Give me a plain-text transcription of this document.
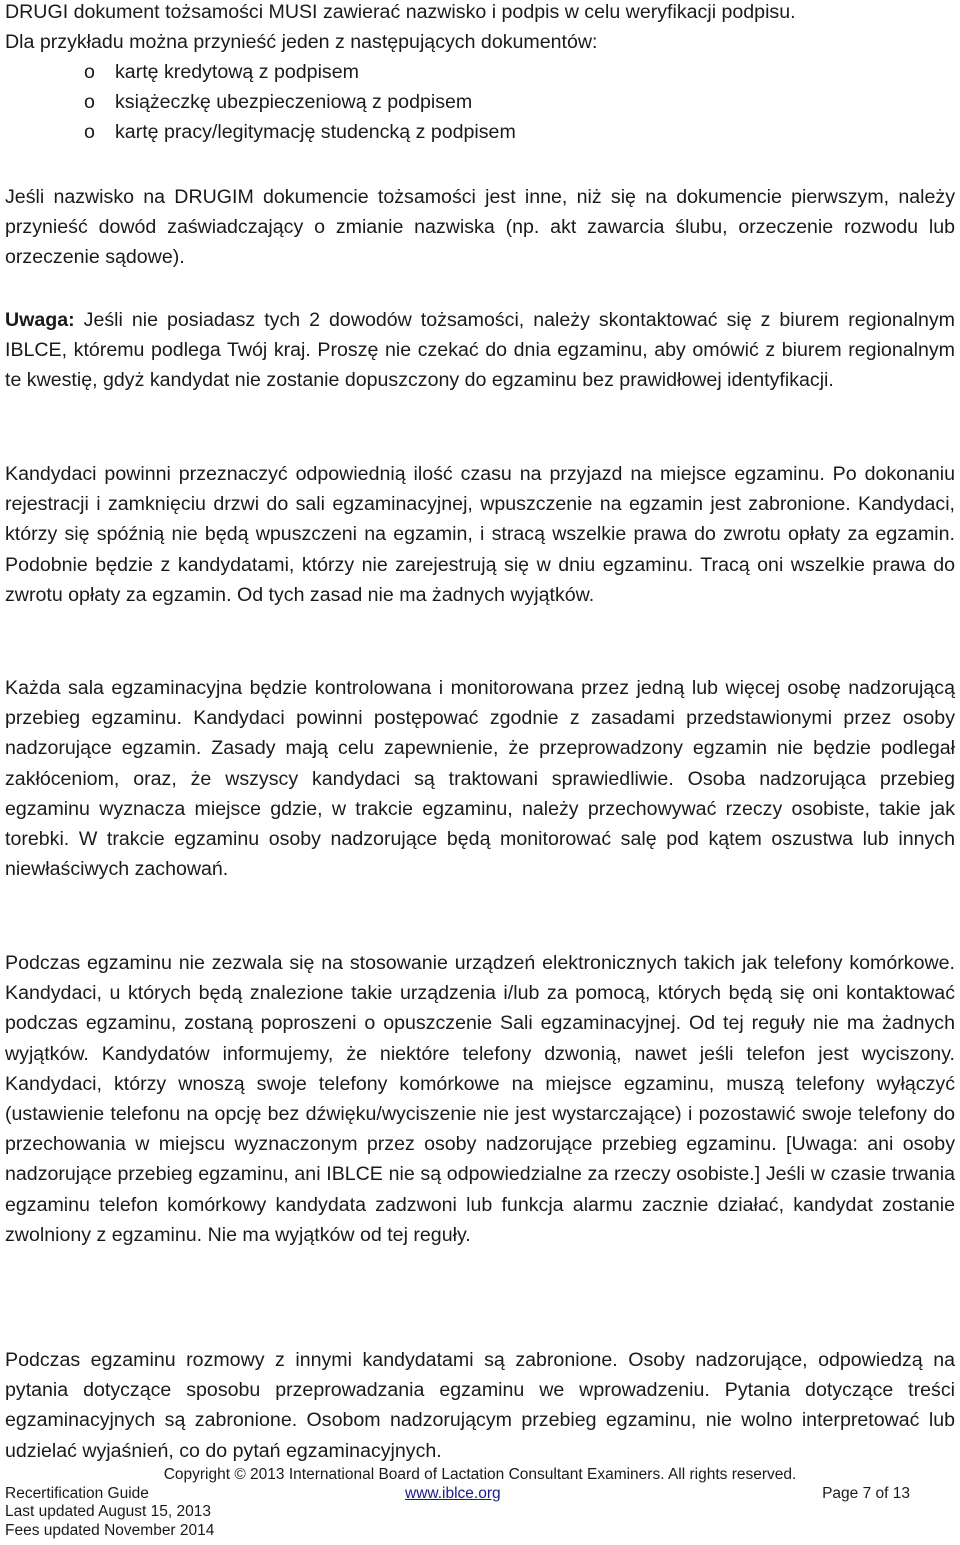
DRUGI dokument tożsamości MUSI zawierać nazwisko i podpis w celu weryfikacji podpisu.
Dla przykładu można przynieść jeden z następujących dokumentów:
o kartę kredytową z podpisem
o książeczkę ubezpieczeniową z podpisem
o kartę pracy/legitymację studencką z podpisem

Jeśli nazwisko na DRUGIM dokumencie tożsamości jest inne, niż się na dokumencie pierwszym, należy przynieść dowód zaświadczający o zmianie nazwiska (np. akt zawarcia ślubu, orzeczenie rozwodu lub orzeczenie sądowe).

Uwaga: Jeśli nie posiadasz tych 2 dowodów tożsamości, należy skontaktować się z biurem regionalnym IBLCE, któremu podlega Twój kraj. Proszę nie czekać do dnia egzaminu, aby omówić z biurem regionalnym te kwestię, gdyż kandydat nie zostanie dopuszczony do egzaminu bez prawidłowej identyfikacji.

Kandydaci powinni przeznaczyć odpowiednią ilość czasu na przyjazd na miejsce egzaminu. Po dokonaniu rejestracji i zamknięciu drzwi do sali egzaminacyjnej, wpuszczenie na egzamin jest zabronione. Kandydaci, którzy się spóźnią nie będą wpuszczeni na egzamin, i stracą wszelkie prawa do zwrotu opłaty za egzamin. Podobnie będzie z kandydatami, którzy nie zarejestrują się w dniu egzaminu. Tracą oni wszelkie prawa do zwrotu opłaty za egzamin. Od tych zasad nie ma żadnych wyjątków.

Każda sala egzaminacyjna będzie kontrolowana i monitorowana przez jedną lub więcej osobę nadzorującą przebieg egzaminu. Kandydaci powinni postępować zgodnie z zasadami przedstawionymi przez osoby nadzorujące egzamin. Zasady mają celu zapewnienie, że przeprowadzony egzamin nie będzie podlegał zakłóceniom, oraz, że wszyscy kandydaci są traktowani sprawiedliwie. Osoba nadzorująca przebieg egzaminu wyznacza miejsce gdzie, w trakcie egzaminu, należy przechowywać rzeczy osobiste, takie jak torebki. W trakcie egzaminu osoby nadzorujące będą monitorować salę pod kątem oszustwa lub innych niewłaściwych zachowań.

Podczas egzaminu nie zezwala się na stosowanie urządzeń elektronicznych takich jak telefony komórkowe. Kandydaci, u których będą znalezione takie urządzenia i/lub za pomocą, których będą się oni kontaktować podczas egzaminu, zostaną poproszeni o opuszczenie Sali egzaminacyjnej. Od tej reguły nie ma żadnych wyjątków. Kandydatów informujemy, że niektóre telefony dzwonią, nawet jeśli telefon jest wyciszony. Kandydaci, którzy wnoszą swoje telefony komórkowe na miejsce egzaminu, muszą telefony wyłączyć (ustawienie telefonu na opcję bez dźwięku/wyciszenie nie jest wystarczające) i pozostawić swoje telefony do przechowania w miejscu wyznaczonym przez osoby nadzorujące przebieg egzaminu. [Uwaga: ani osoby nadzorujące przebieg egzaminu, ani IBLCE nie są odpowiedzialne za rzeczy osobiste.] Jeśli w czasie trwania egzaminu telefon komórkowy kandydata zadzwoni lub funkcja alarmu zacznie działać, kandydat zostanie zwolniony z egzaminu. Nie ma wyjątków od tej reguły.

Podczas egzaminu rozmowy z innymi kandydatami są zabronione. Osoby nadzorujące, odpowiedzą na pytania dotyczące sposobu przeprowadzania egzaminu we wprowadzeniu. Pytania dotyczące treści egzaminacyjnych są zabronione. Osobom nadzorującym przebieg egzaminu, nie wolno interpretować lub udzielać wyjaśnień, co do pytań egzaminacyjnych.

Copyright © 2013 International Board of Lactation Consultant Examiners. All rights reserved.
Recertification Guide	www.iblce.org	Page 7 of 13
Last updated August 15, 2013
Fees updated November 2014
